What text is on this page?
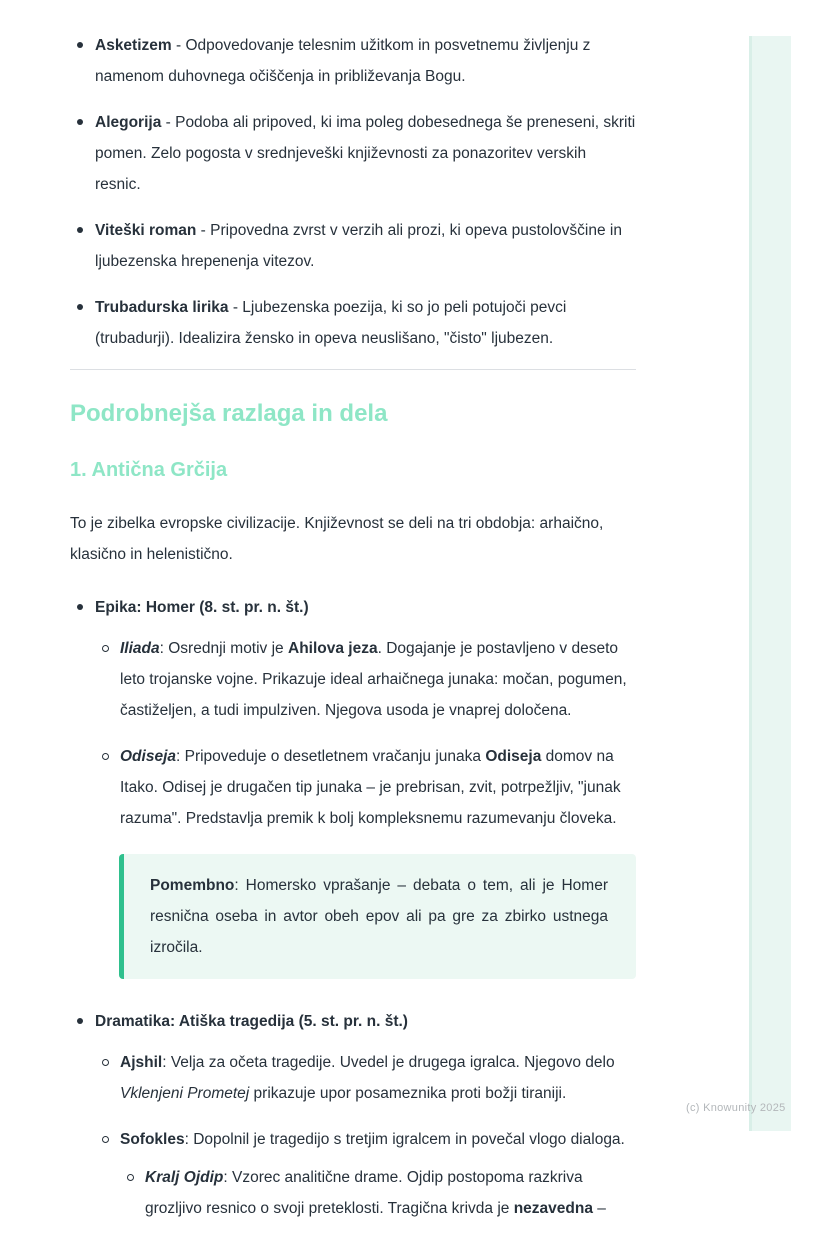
Asketizem - Odpovedovanje telesnim užitkom in posvetnemu življenju z namenom duhovnega očiščenja in približevanja Bogu.
Alegorija - Podoba ali pripoved, ki ima poleg dobesednega še preneseni, skriti pomen. Zelo pogosta v srednjeveški književnosti za ponazoritev verskih resnic.
Viteški roman - Pripovedna zvrst v verzih ali prozi, ki opeva pustolovščine in ljubezenska hrepenenja vitezov.
Trubadurska lirika - Ljubezenska poezija, ki so jo peli potujoči pevci (trubadurji). Idealizira žensko in opeva neuslišano, "čisto" ljubezen.
Podrobnejša razlaga in dela
1. Antična Grčija

To je zibelka evropske civilizacije. Književnost se deli na tri obdobja: arhaično, klasično in helenistično.

Epika: Homer (8. st. pr. n. št.)
Iliada: Osrednji motiv je Ahilova jeza. Dogajanje je postavljeno v deseto leto trojanske vojne. Prikazuje ideal arhaičnega junaka: močan, pogumen, častiželjen, a tudi impulziven. Njegova usoda je vnaprej določena.
Odiseja: Pripoveduje o desetletnem vračanju junaka Odiseja domov na Itako. Odisej je drugačen tip junaka – je prebrisan, zvit, potrpežljiv, "junak razuma". Predstavlja premik k bolj kompleksnemu razumevanju človeka.

Pomembno: Homersko vprašanje – debata o tem, ali je Homer resnična oseba in avtor obeh epov ali pa gre za zbirko ustnega izročila.

Dramatika: Atiška tragedija (5. st. pr. n. št.)
Ajshil: Velja za očeta tragedije. Uvedel je drugega igralca. Njegovo delo Vklenjeni Prometej prikazuje upor posameznika proti božji tiraniji.
Sofokles: Dopolnil je tragedijo s tretjim igralcem in povečal vlogo dialoga.
Kralj Ojdip: Vzorec analitične drame. Ojdip postopoma razkriva grozljivo resnico o svoji preteklosti. Tragična krivda je nezavedna –
(c) Knowunity 2025
